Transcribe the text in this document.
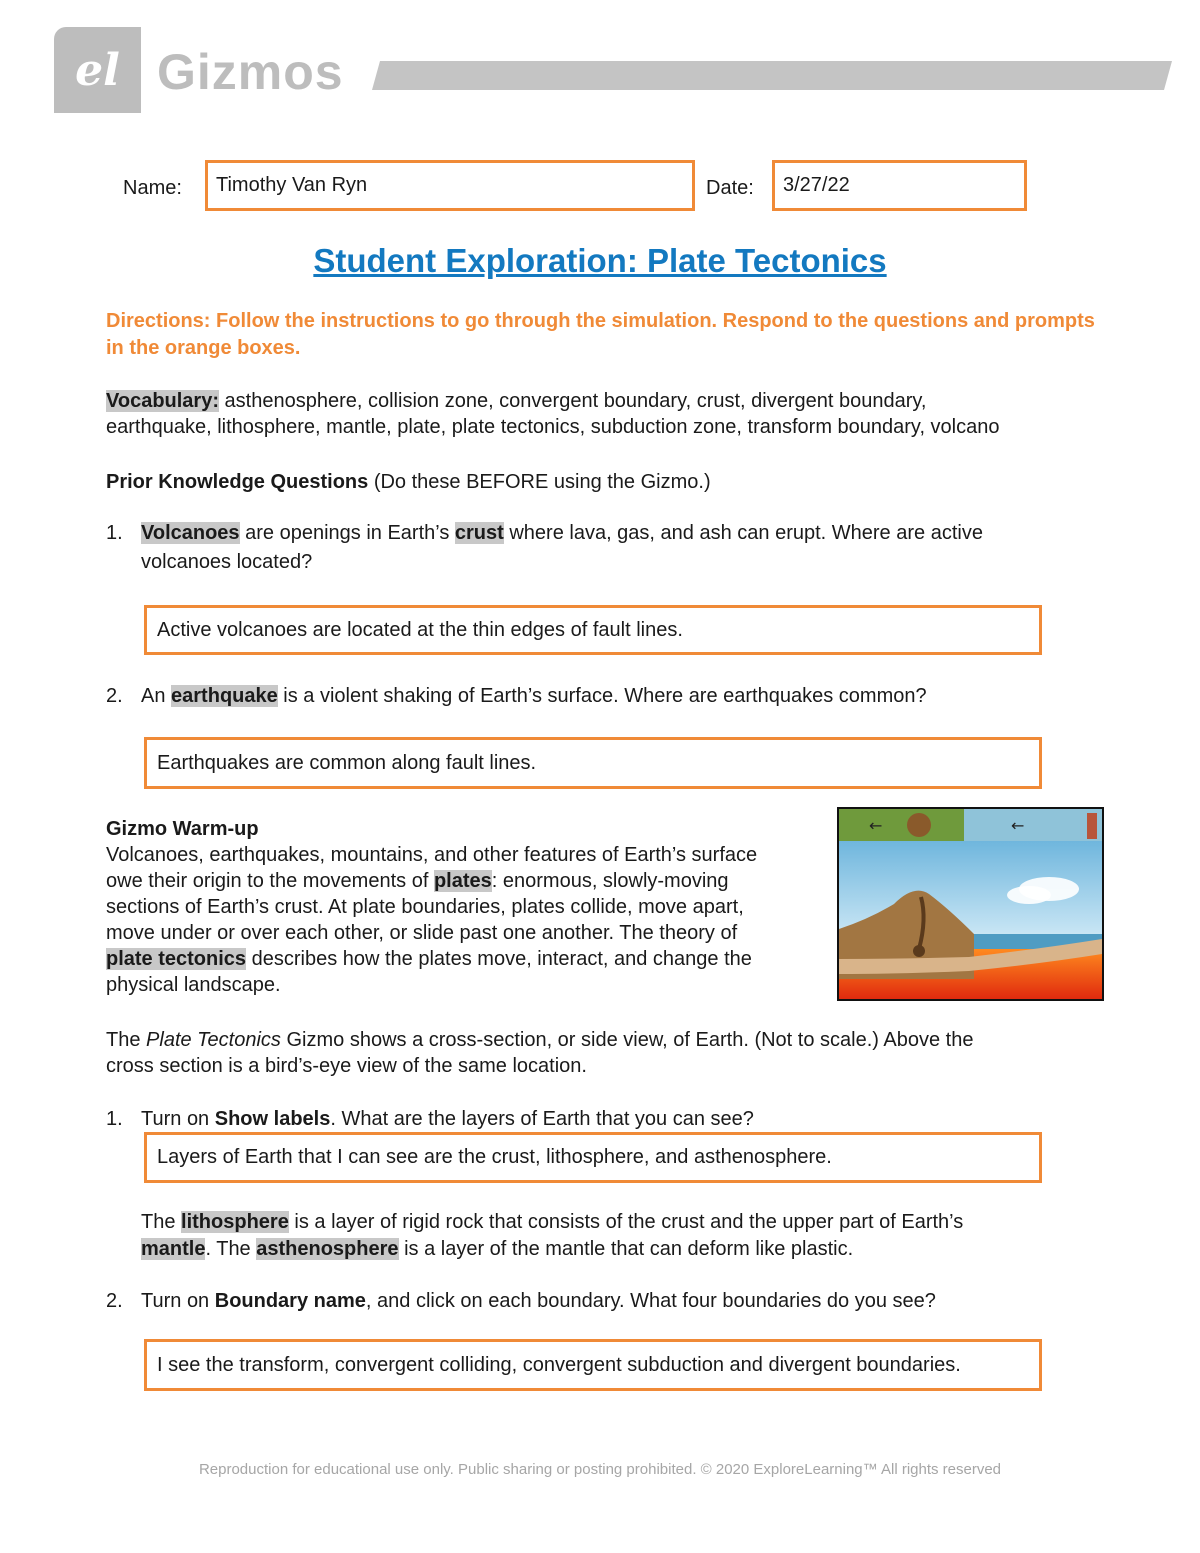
el Gizmos
Name: Timothy Van Ryn	Date: 3/27/22
Student Exploration: Plate Tectonics
Directions: Follow the instructions to go through the simulation. Respond to the questions and prompts in the orange boxes.
Vocabulary: asthenosphere, collision zone, convergent boundary, crust, divergent boundary,
earthquake, lithosphere, mantle, plate, plate tectonics, subduction zone, transform boundary, volcano
Prior Knowledge Questions (Do these BEFORE using the Gizmo.)
1. Volcanoes are openings in Earth’s crust where lava, gas, and ash can erupt. Where are active
volcanoes located?
Active volcanoes are located at the thin edges of fault lines.
2. An earthquake is a violent shaking of Earth’s surface. Where are earthquakes common?
Earthquakes are common along fault lines.
Gizmo Warm-up
Volcanoes, earthquakes, mountains, and other features of Earth’s surface
owe their origin to the movements of plates: enormous, slowly-moving
sections of Earth’s crust. At plate boundaries, plates collide, move apart,
move under or over each other, or slide past one another. The theory of
plate tectonics describes how the plates move, interact, and change the
physical landscape.
←	←
The Plate Tectonics Gizmo shows a cross-section, or side view, of Earth. (Not to scale.) Above the
cross section is a bird’s-eye view of the same location.
1. Turn on Show labels. What are the layers of Earth that you can see?
Layers of Earth that I can see are the crust, lithosphere, and asthenosphere.
The lithosphere is a layer of rigid rock that consists of the crust and the upper part of Earth’s
mantle. The asthenosphere is a layer of the mantle that can deform like plastic.
2. Turn on Boundary name, and click on each boundary. What four boundaries do you see?
I see the transform, convergent colliding, convergent subduction and divergent boundaries.
Reproduction for educational use only. Public sharing or posting prohibited. © 2020 ExploreLearning™ All rights reserved
